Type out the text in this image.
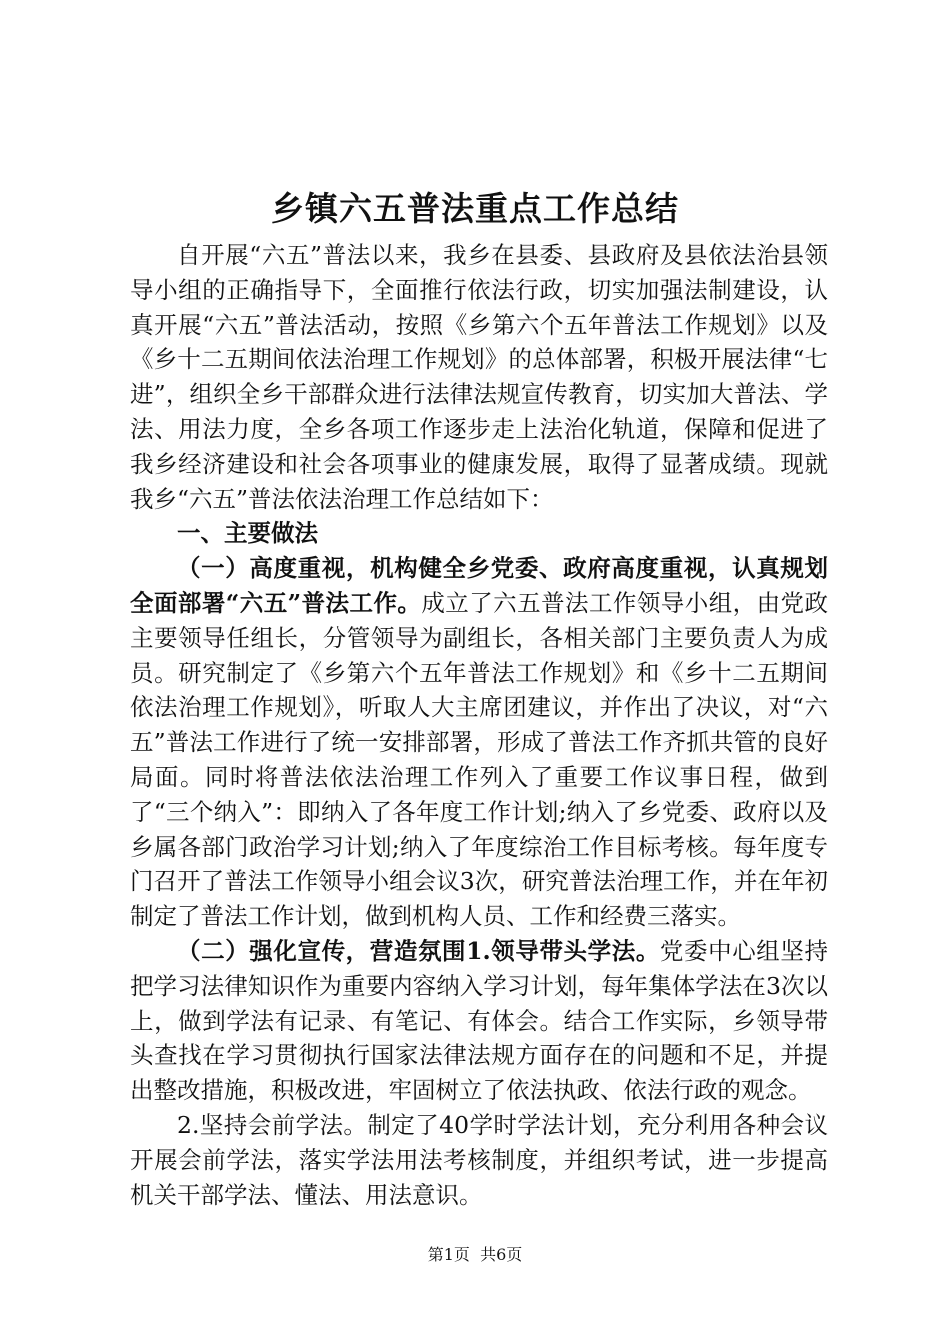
乡镇六五普法重点工作总结

自开展“六五”普法以来，我乡在县委、县政府及县依法治县领导小组的正确指导下，全面推行依法行政，切实加强法制建设，认真开展“六五”普法活动，按照《乡第六个五年普法工作规划》以及《乡十二五期间依法治理工作规划》的总体部署，积极开展法律“七进”，组织全乡干部群众进行法律法规宣传教育，切实加大普法、学法、用法力度，全乡各项工作逐步走上法治化轨道，保障和促进了我乡经济建设和社会各项事业的健康发展，取得了显著成绩。现就我乡“六五”普法依法治理工作总结如下：

一、主要做法

（一）高度重视，机构健全乡党委、政府高度重视，认真规划全面部署“六五”普法工作。成立了六五普法工作领导小组，由党政主要领导任组长，分管领导为副组长，各相关部门主要负责人为成员。研究制定了《乡第六个五年普法工作规划》和《乡十二五期间依法治理工作规划》，听取人大主席团建议，并作出了决议，对“六五”普法工作进行了统一安排部署，形成了普法工作齐抓共管的良好局面。同时将普法依法治理工作列入了重要工作议事日程，做到了“三个纳入”：即纳入了各年度工作计划;纳入了乡党委、政府以及乡属各部门政治学习计划;纳入了年度综治工作目标考核。每年度专门召开了普法工作领导小组会议3次，研究普法治理工作，并在年初制定了普法工作计划，做到机构人员、工作和经费三落实。

（二）强化宣传，营造氛围1.领导带头学法。党委中心组坚持把学习法律知识作为重要内容纳入学习计划，每年集体学法在3次以上，做到学法有记录、有笔记、有体会。结合工作实际，乡领导带头查找在学习贯彻执行国家法律法规方面存在的问题和不足，并提出整改措施，积极改进，牢固树立了依法执政、依法行政的观念。

2.坚持会前学法。制定了40学时学法计划，充分利用各种会议开展会前学法，落实学法用法考核制度，并组织考试，进一步提高机关干部学法、懂法、用法意识。

第1页  共6页
